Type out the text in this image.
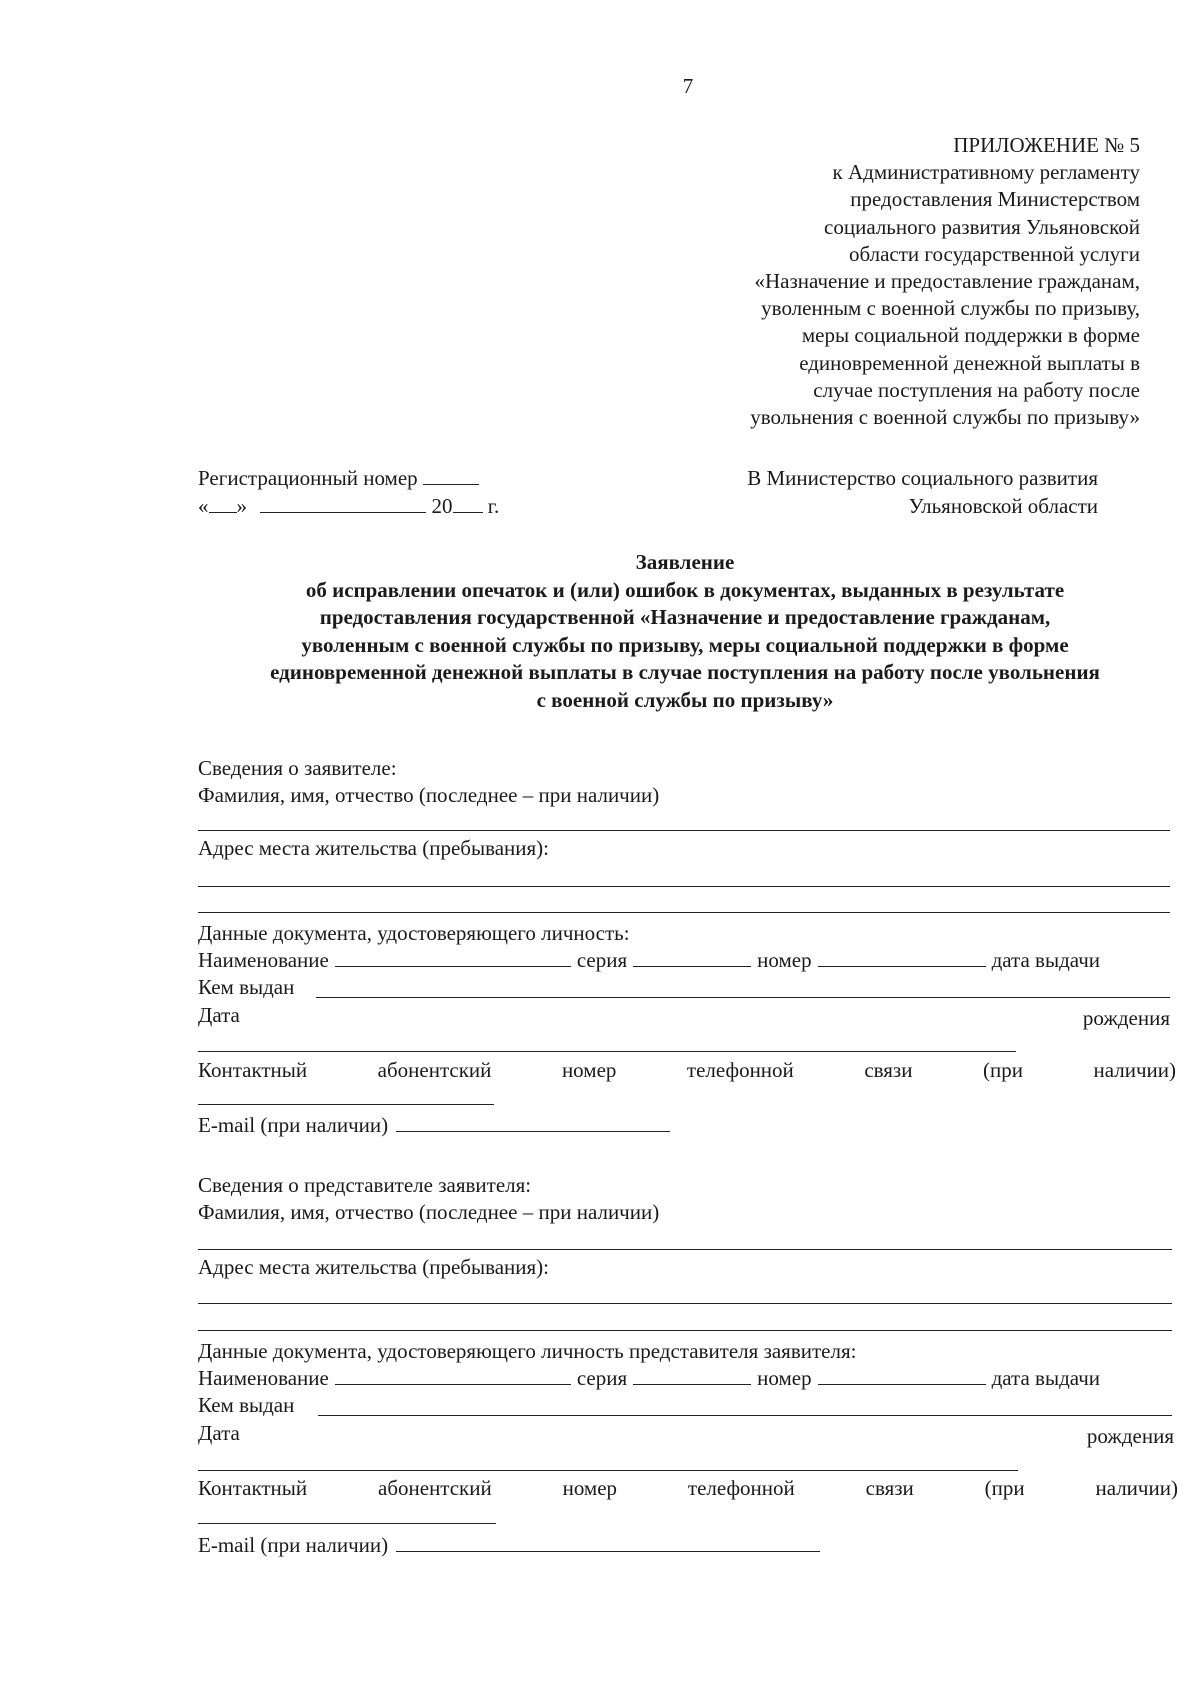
7
ПРИЛОЖЕНИЕ № 5
к Административному регламенту
предоставления Министерством
социального развития Ульяновской
области государственной услуги
«Назначение и предоставление гражданам,
уволенным с военной службы по призыву,
меры социальной поддержки в форме
единовременной денежной выплаты в
случае поступления на работу после
увольнения с военной службы по призыву»
Регистрационный номер
« »	20 г.
В Министерство социального развития
Ульяновской области
Заявление
об исправлении опечаток и (или) ошибок в документах, выданных в результате
предоставления государственной «Назначение и предоставление гражданам,
уволенным с военной службы по призыву, меры социальной поддержки в форме
единовременной денежной выплаты в случае поступления на работу после увольнения
с военной службы по призыву»
Сведения о заявителе:
Фамилия, имя, отчество (последнее – при наличии)
Адрес места жительства (пребывания):
Данные документа, удостоверяющего личность:
Наименование	серия	номер	дата выдачи
Кем выдан
Дата	рождения
Контактный	абонентский	номер	телефонной	связи	(при	наличии)
E-mail (при наличии)
Сведения о представителе заявителя:
Фамилия, имя, отчество (последнее – при наличии)
Адрес места жительства (пребывания):
Данные документа, удостоверяющего личность представителя заявителя:
Наименование	серия	номер	дата выдачи
Кем выдан
Дата	рождения
Контактный	абонентский	номер	телефонной	связи	(при	наличии)
E-mail (при наличии)
